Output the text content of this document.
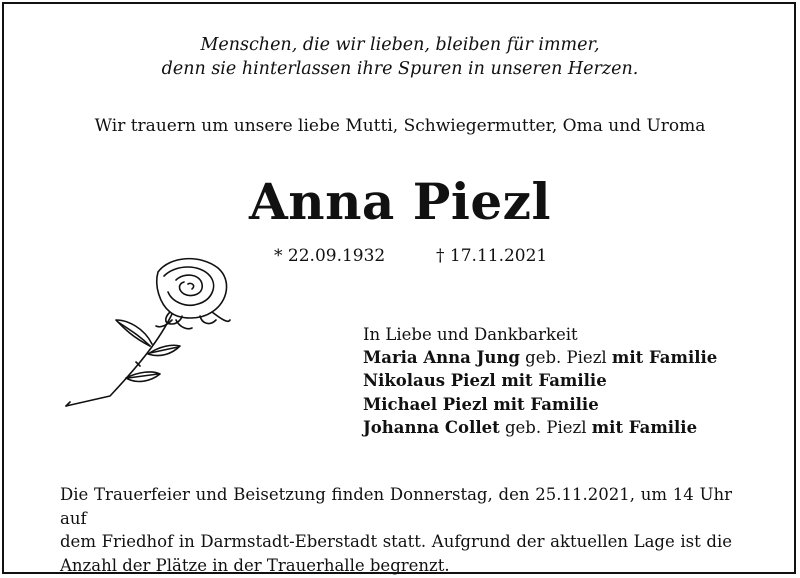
Menschen, die wir lieben, bleiben für immer,
denn sie hinterlassen ihre Spuren in unseren Herzen.
Wir trauern um unsere liebe Mutti, Schwiegermutter, Oma und Uroma
Anna Piezl
* 22.09.1932	† 17.11.2021
In Liebe und Dankbarkeit
Maria Anna Jung geb. Piezl mit Familie
Nikolaus Piezl mit Familie
Michael Piezl mit Familie
Johanna Collet geb. Piezl mit Familie
Die Trauerfeier und Beisetzung finden Donnerstag, den 25.11.2021, um 14 Uhr auf
dem Friedhof in Darmstadt-Eberstadt statt. Aufgrund der aktuellen Lage ist die
Anzahl der Plätze in der Trauerhalle begrenzt.
